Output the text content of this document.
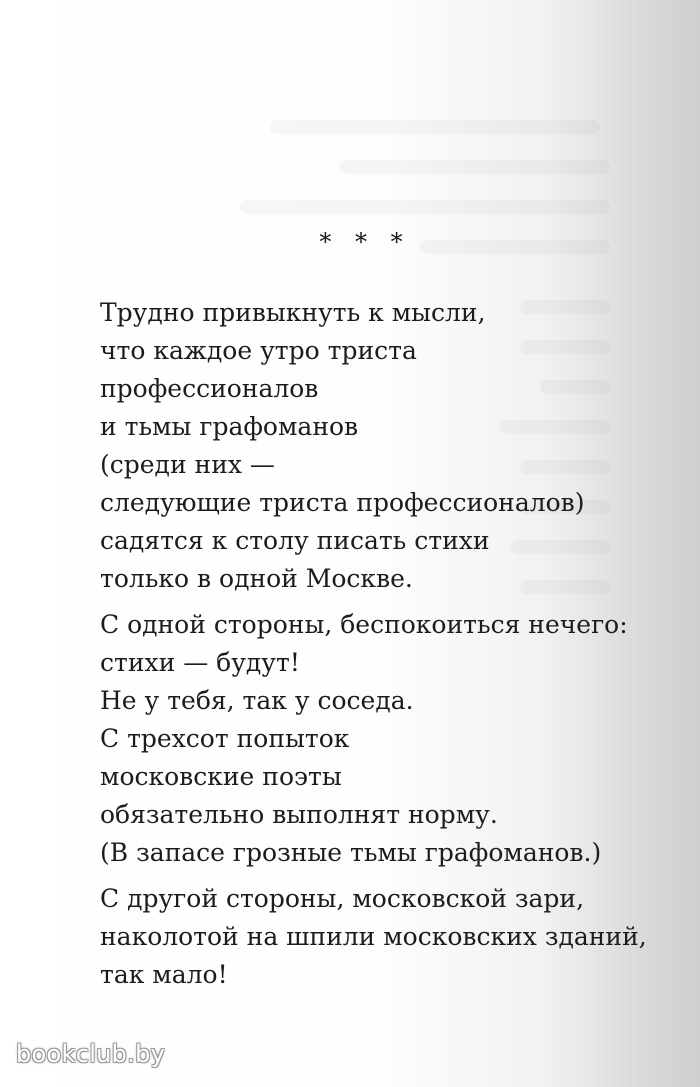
* * *
Трудно привыкнуть к мысли,
что каждое утро триста
профессионалов
и тьмы графоманов
(среди них —
следующие триста профессионалов)
садятся к столу писать стихи
только в одной Москве.
С одной стороны, беспокоиться нечего:
стихи — будут!
Не у тебя, так у соседа.
С трехсот попыток
московские поэты
обязательно выполнят норму.
(В запасе грозные тьмы графоманов.)
С другой стороны, московской зари,
наколотой на шпили московских зданий,
так мало!
bookclub.by
